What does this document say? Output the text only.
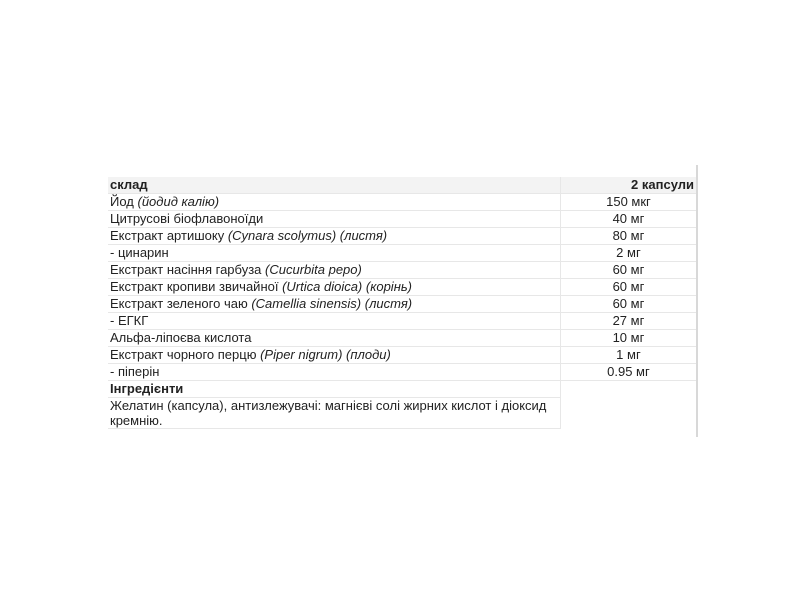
склад	2 капсули
Йод (йодид калію)	150 мкг
Цитрусові біофлавоноїди	40 мг
Екстракт артишоку (Cynara scolymus) (листя)	80 мг
- цинарин	2 мг
Екстракт насіння гарбуза (Cucurbita pepo)	60 мг
Екстракт кропиви звичайної (Urtica dioica) (корінь)	60 мг
Екстракт зеленого чаю (Camellia sinensis) (листя)	60 мг
- ЕГКГ	27 мг
Альфа-ліпоєва кислота	10 мг
Екстракт чорного перцю (Piper nigrum) (плоди)	1 мг
- піперін	0.95 мг
Інгредієнти	
Желатин (капсула), антизлежувачі: магнієві солі жирних кислот і діоксид кремнію.	
